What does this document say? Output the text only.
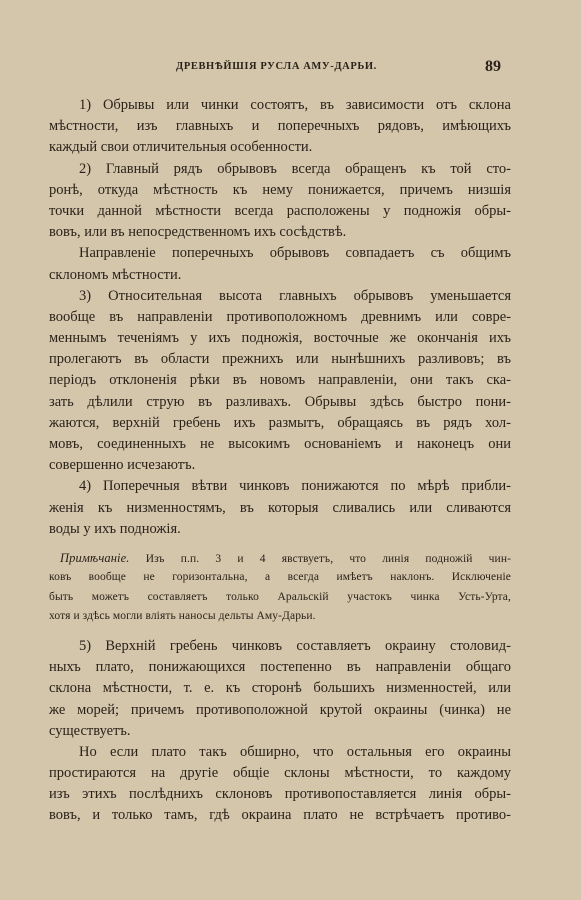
ДРЕВНѢЙШІЯ РУСЛА АМУ-ДАРЬИ.	89
1) Обрывы или чинки состоятъ, въ зависимости отъ склона
мѣстности, изъ главныхъ и поперечныхъ рядовъ, имѣющихъ
каждый свои отличительныя особенности.
2) Главный рядъ обрывовъ всегда обращенъ къ той сто-
ронѣ, откуда мѣстность къ нему понижается, причемъ низшія
точки данной мѣстности всегда расположены у подножія обры-
вовъ, или въ непосредственномъ ихъ сосѣдствѣ.
Направленіе поперечныхъ обрывовъ совпадаетъ съ общимъ
склономъ мѣстности.
3) Относительная высота главныхъ обрывовъ уменьшается
вообще въ направленіи противоположномъ древнимъ или совре-
меннымъ теченіямъ у ихъ подножія, восточные же окончанія ихъ
пролегаютъ въ области прежнихъ или нынѣшнихъ разливовъ; въ
періодъ отклоненія рѣки въ новомъ направленіи, они такъ ска-
зать дѣлили струю въ разливахъ. Обрывы здѣсь быстро пони-
жаются, верхній гребень ихъ размытъ, обращаясь въ рядъ хол-
мовъ, соединенныхъ не высокимъ основаніемъ и наконецъ они
совершенно исчезаютъ.
4) Поперечныя вѣтви чинковъ понижаются по мѣрѣ прибли-
женія къ низменностямъ, въ которыя сливались или сливаются
воды у ихъ подножія.
Примѣчаніе. Изъ п.п. 3 и 4 явствуетъ, что линія подножій чин-
ковъ вообще не горизонтальна, а всегда имѣетъ наклонъ. Исключеніе
быть можетъ составляетъ только Аральскій участокъ чинка Усть-Урта,
хотя и здѣсь могли вліять наносы дельты Аму-Дарьи.
5) Верхній гребень чинковъ составляетъ окраину столовид-
ныхъ плато, понижающихся постепенно въ направленіи общаго
склона мѣстности, т. е. къ сторонѣ большихъ низменностей, или
же морей; причемъ противоположной крутой окраины (чинка) не
существуетъ.
Но если плато такъ обширно, что остальныя его окраины
простираются на другіе общіе склоны мѣстности, то каждому
изъ этихъ послѣднихъ склоновъ противопоставляется линія обры-
вовъ, и только тамъ, гдѣ окраина плато не встрѣчаетъ противо-
